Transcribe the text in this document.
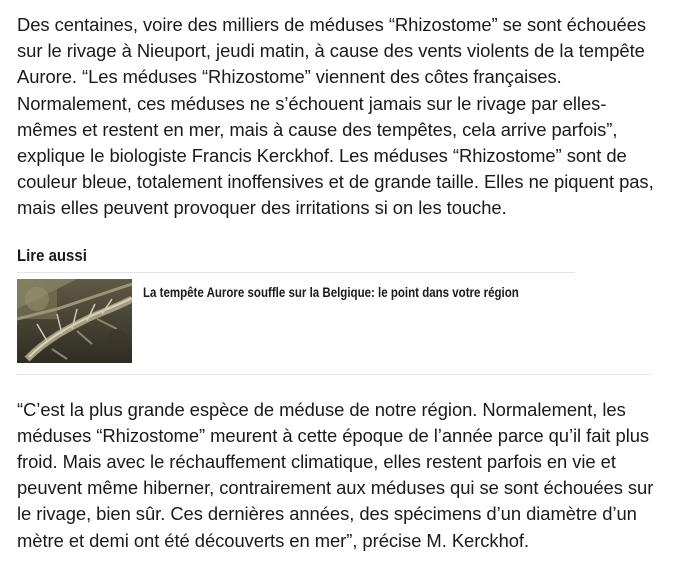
Des centaines, voire des milliers de méduses “Rhizostome” se sont échouées sur le rivage à Nieuport, jeudi matin, à cause des vents violents de la tempête Aurore. “Les méduses “Rhizostome” viennent des côtes françaises. Normalement, ces méduses ne s’échouent jamais sur le rivage par elles-mêmes et restent en mer, mais à cause des tempêtes, cela arrive parfois”, explique le biologiste Francis Kerckhof. Les méduses “Rhizostome” sont de couleur bleue, totalement inoffensives et de grande taille. Elles ne piquent pas, mais elles peuvent provoquer des irritations si on les touche.

Lire aussi
La tempête Aurore souffle sur la Belgique: le point dans votre région

“C’est la plus grande espèce de méduse de notre région. Normalement, les méduses “Rhizostome” meurent à cette époque de l’année parce qu’il fait plus froid. Mais avec le réchauffement climatique, elles restent parfois en vie et peuvent même hiberner, contrairement aux méduses qui se sont échouées sur le rivage, bien sûr. Ces dernières années, des spécimens d’un diamètre d’un mètre et demi ont été découverts en mer”, précise M. Kerckhof.
